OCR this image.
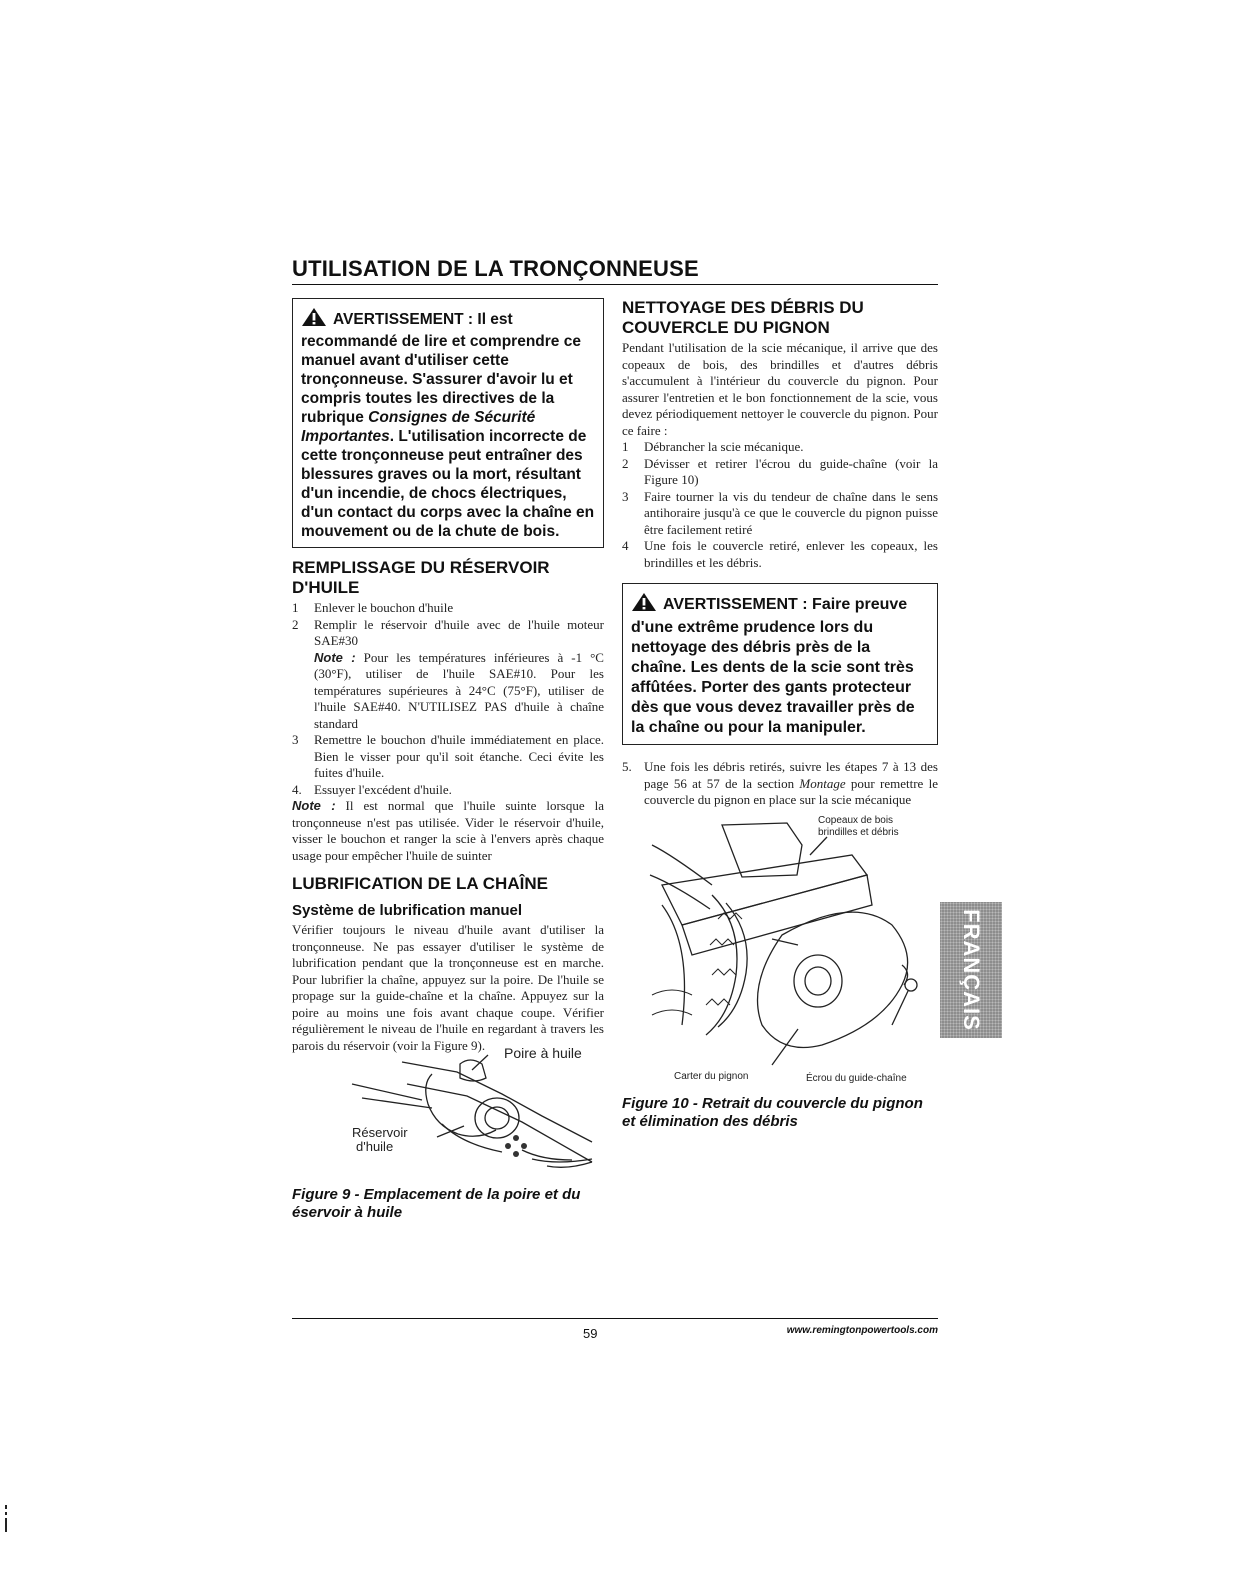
UTILISATION DE LA TRONÇONNEUSE
AVERTISSEMENT : Il est recommandé de lire et comprendre ce manuel avant d'utiliser cette tronçonneuse. S'assurer d'avoir lu et compris toutes les directives de la rubrique Consignes de Sécurité Importantes. L'utilisation incorrecte de cette tronçonneuse peut entraîner des blessures graves ou la mort, résultant d'un incendie, de chocs électriques, d'un contact du corps avec la chaîne en mouvement ou de la chute de bois.
REMPLISSAGE DU RÉSERVOIR D'HUILE
1 Enlever le bouchon d'huile
2 Remplir le réservoir d'huile avec de l'huile moteur SAE#30
Note : Pour les températures inférieures à -1 °C (30°F), utiliser de l'huile SAE#10. Pour les températures supérieures à 24°C (75°F), utiliser de l'huile SAE#40. N'UTILISEZ PAS d'huile à chaîne standard
3 Remettre le bouchon d'huile immédiatement en place. Bien le visser pour qu'il soit étanche. Ceci évite les fuites d'huile.
4. Essuyer l'excédent d'huile.
Note : Il est normal que l'huile suinte lorsque la tronçonneuse n'est pas utilisée. Vider le réservoir d'huile, visser le bouchon et ranger la scie à l'envers après chaque usage pour empêcher l'huile de suinter
LUBRIFICATION DE LA CHAÎNE
Système de lubrification manuel
Vérifier toujours le niveau d'huile avant d'utiliser la tronçonneuse. Ne pas essayer d'utiliser le système de lubrification pendant que la tronçonneuse est en marche. Pour lubrifier la chaîne, appuyez sur la poire. De l'huile se propage sur la guide-chaîne et la chaîne. Appuyez sur la poire au moins une fois avant chaque coupe. Vérifier régulièrement le niveau de l'huile en regardant à travers les parois du réservoir (voir la Figure 9).	Poire à huile
Réservoir
d'huile
Figure 9 - Emplacement de la poire et du éservoir à huile
NETTOYAGE DES DÉBRIS DU COUVERCLE DU PIGNON
Pendant l'utilisation de la scie mécanique, il arrive que des copeaux de bois, des brindilles et d'autres débris s'accumulent à l'intérieur du couvercle du pignon. Pour assurer l'entretien et le bon fonctionnement de la scie, vous devez périodiquement nettoyer le couvercle du pignon. Pour ce faire :
1 Débrancher la scie mécanique.
2 Dévisser et retirer l'écrou du guide-chaîne (voir la Figure 10)
3 Faire tourner la vis du tendeur de chaîne dans le sens antihoraire jusqu'à ce que le couvercle du pignon puisse être facilement retiré
4 Une fois le couvercle retiré, enlever les copeaux, les brindilles et les débris.
AVERTISSEMENT : Faire preuve d'une extrême prudence lors du nettoyage des débris près de la chaîne. Les dents de la scie sont très affûtées. Porter des gants protecteur dès que vous devez travailler près de la chaîne ou pour la manipuler.
5. Une fois les débris retirés, suivre les étapes 7 à 13 des page 56 at 57 de la section Montage pour remettre le couvercle du pignon en place sur la scie mécanique
Copeaux de bois
brindilles et débris
Carter du pignon	Écrou du guide-chaîne
Figure 10 - Retrait du couvercle du pignon et élimination des débris
FRANÇAIS
59	www.remingtonpowertools.com
